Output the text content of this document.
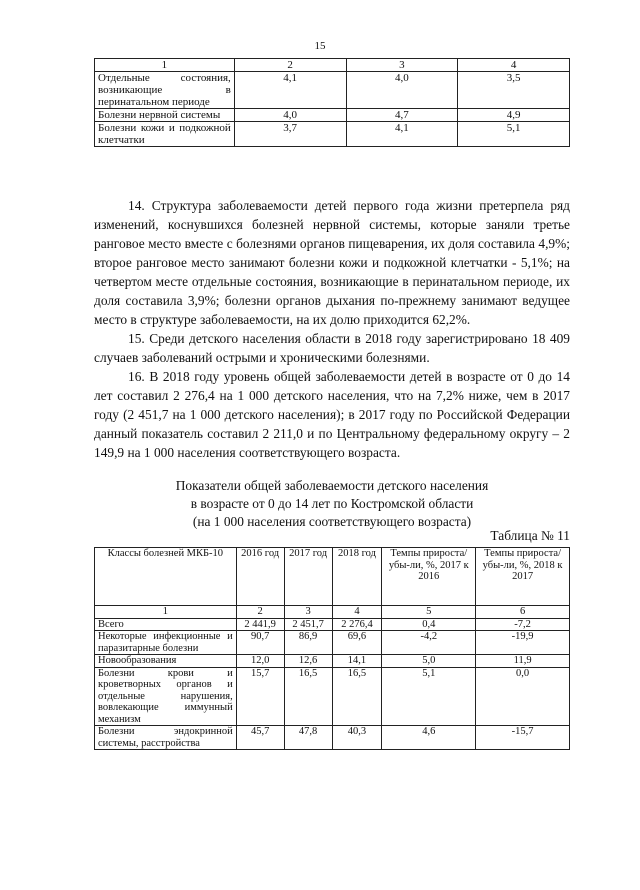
15
1	2	3	4
Отдельные состояния, возникающие в перинатальном периоде	4,1	4,0	3,5
Болезни нервной системы	4,0	4,7	4,9
Болезни кожи и подкожной клетчатки	3,7	4,1	5,1

14. Структура заболеваемости детей первого года жизни претерпела ряд изменений, коснувшихся болезней нервной системы, которые заняли третье ранговое место вместе с болезнями органов пищеварения, их доля составила 4,9%; второе ранговое место занимают болезни кожи и подкожной клетчатки - 5,1%; на четвертом месте отдельные состояния, возникающие в перинатальном периоде, их доля составила 3,9%; болезни органов дыхания по-прежнему занимают ведущее место в структуре заболеваемости, на их долю приходится 62,2%.

15. Среди детского населения области в 2018 году зарегистрировано 18 409 случаев заболеваний острыми и хроническими болезнями.

16. В 2018 году уровень общей заболеваемости детей в возрасте от 0 до 14 лет составил 2 276,4 на 1 000 детского населения, что на 7,2% ниже, чем в 2017 году (2 451,7 на 1 000 детского населения); в 2017 году по Российской Федерации данный показатель составил 2 211,0 и по Центральному федеральному округу – 2 149,9 на 1 000 населения соответствующего возраста.

Показатели общей заболеваемости детского населения
в возрасте от 0 до 14 лет по Костромской области
(на 1 000 населения соответствующего возраста)
Таблица № 11
Классы болезней МКБ-10	2016 год	2017 год	2018 год	Темпы прироста/убы-ли, %, 2017 к 2016	Темпы прироста/убы-ли, %, 2018 к 2017
1	2	3	4	5	6
Всего	2 441,9	2 451,7	2 276,4	0,4	-7,2
Некоторые инфекционные и паразитарные болезни	90,7	86,9	69,6	-4,2	-19,9
Новообразования	12,0	12,6	14,1	5,0	11,9
Болезни крови и кроветворных органов и отдельные нарушения, вовлекающие иммунный механизм	15,7	16,5	16,5	5,1	0,0
Болезни эндокринной системы, расстройства	45,7	47,8	40,3	4,6	-15,7
